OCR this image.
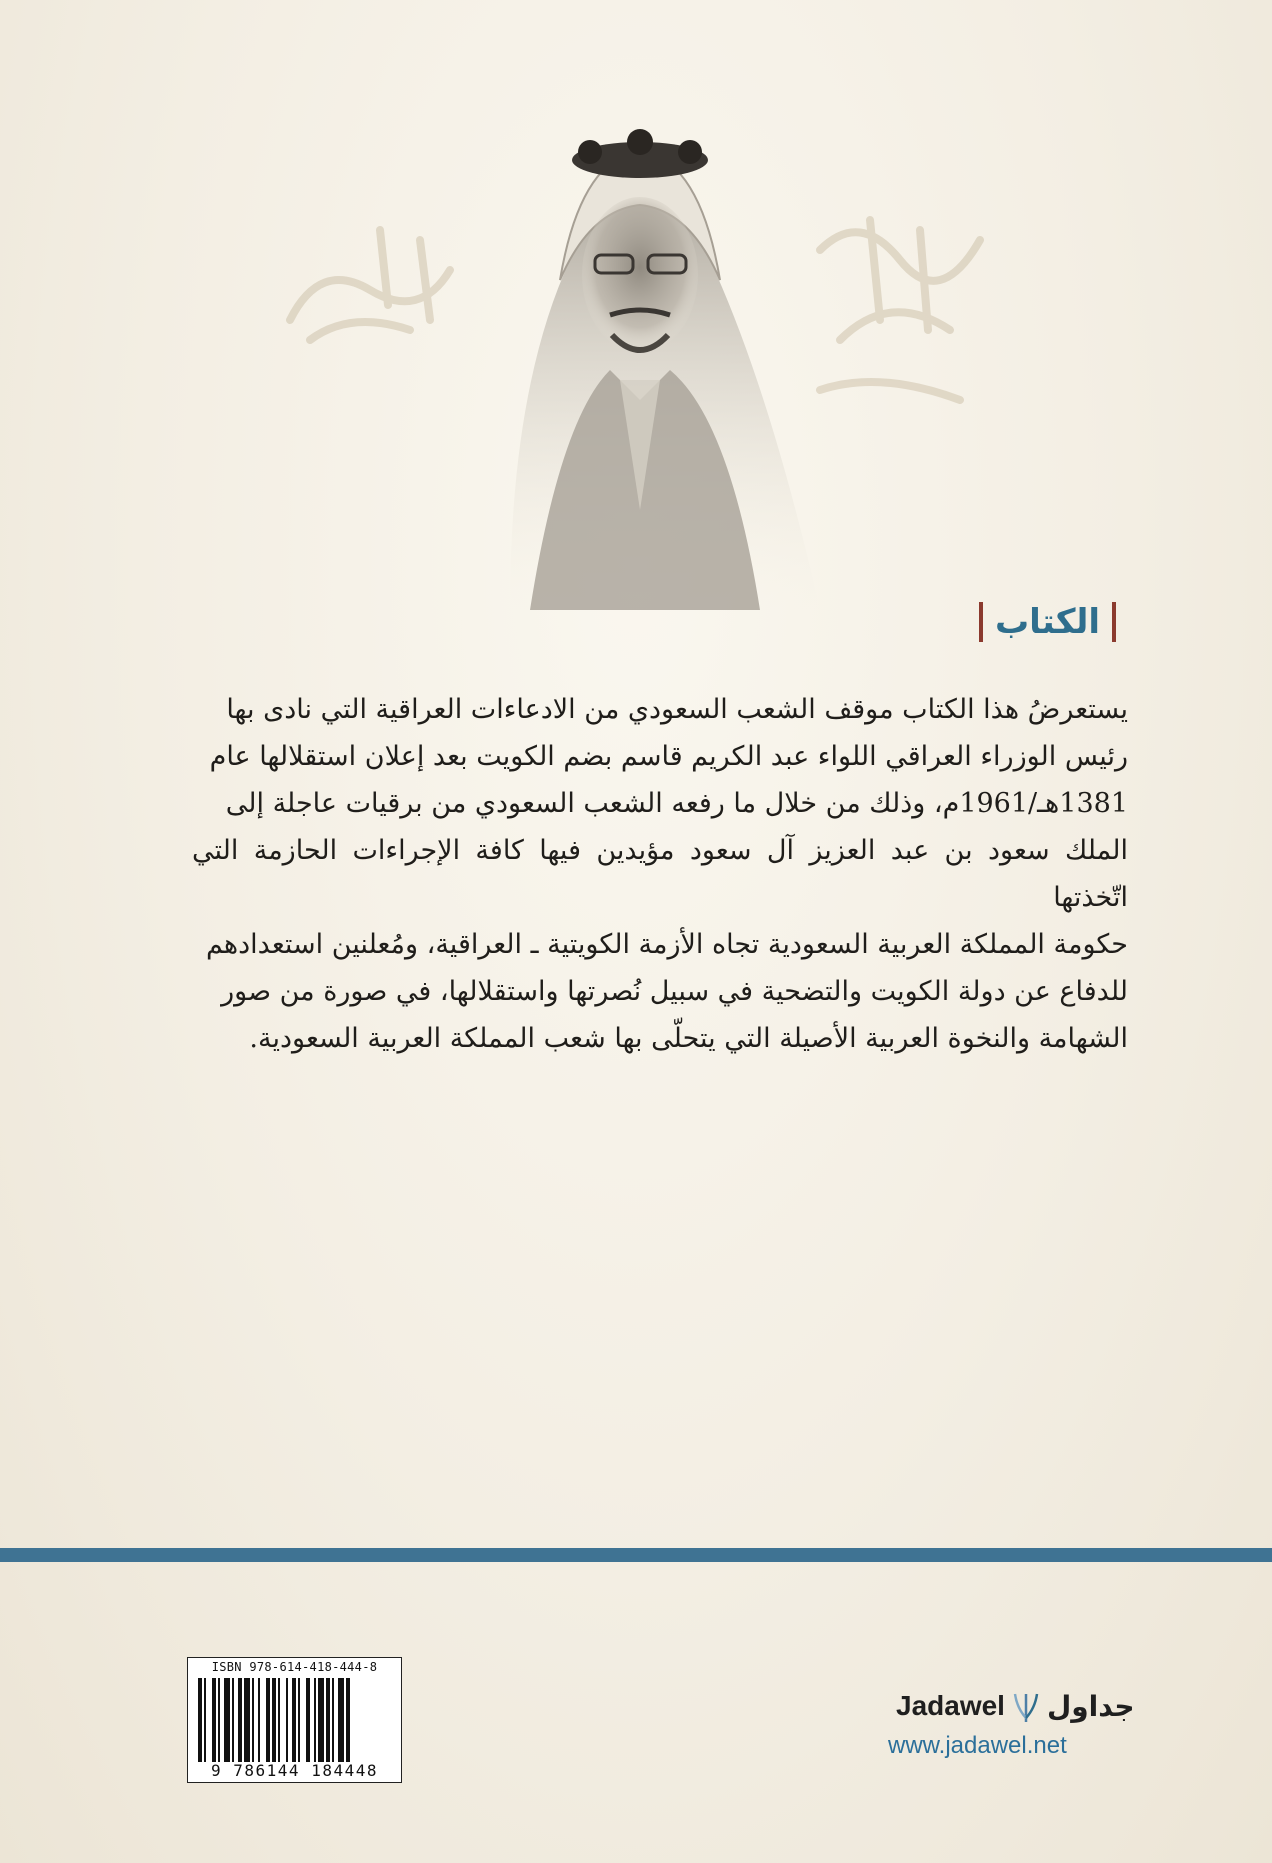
الكتاب

يستعرضُ هذا الكتاب موقف الشعب السعودي من الادعاءات العراقية التي نادى بها

رئيس الوزراء العراقي اللواء عبد الكريم قاسم بضم الكويت بعد إعلان استقلالها عام

1381هـ/1961م، وذلك من خلال ما رفعه الشعب السعودي من برقيات عاجلة إلى

الملك سعود بن عبد العزيز آل سعود مؤيدين فيها كافة الإجراءات الحازمة التي اتّخذتها

حكومة المملكة العربية السعودية تجاه الأزمة الكويتية ـ العراقية، ومُعلنين استعدادهم

للدفاع عن دولة الكويت والتضحية في سبيل نُصرتها واستقلالها، في صورة من صور

الشهامة والنخوة العربية الأصيلة التي يتحلّى بها شعب المملكة العربية السعودية.

ISBN 978-614-418-444-8
9 786144 184448
Jadawel جداول
www.jadawel.net
